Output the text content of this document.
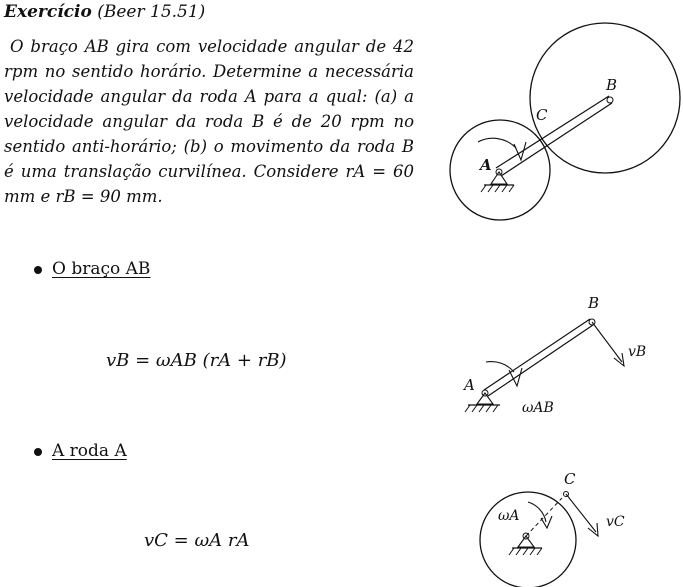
Exercício (Beer 15.51)

O braço AB gira com velocidade angular de 42 rpm no sentido horário. Determine a necessária velocidade angular da roda A para a qual: (a) a velocidade angular da roda B é de 20 rpm no sentido anti-horário; (b) o movimento da roda B é uma translação curvilínea. Considere rA = 60 mm e rB = 90 mm.

A
B
C
O braço AB
vB = ωAB (rA + rB)
A
B
vB
ωAB
A roda A
vC = ωA rA
C
vC
ωA
